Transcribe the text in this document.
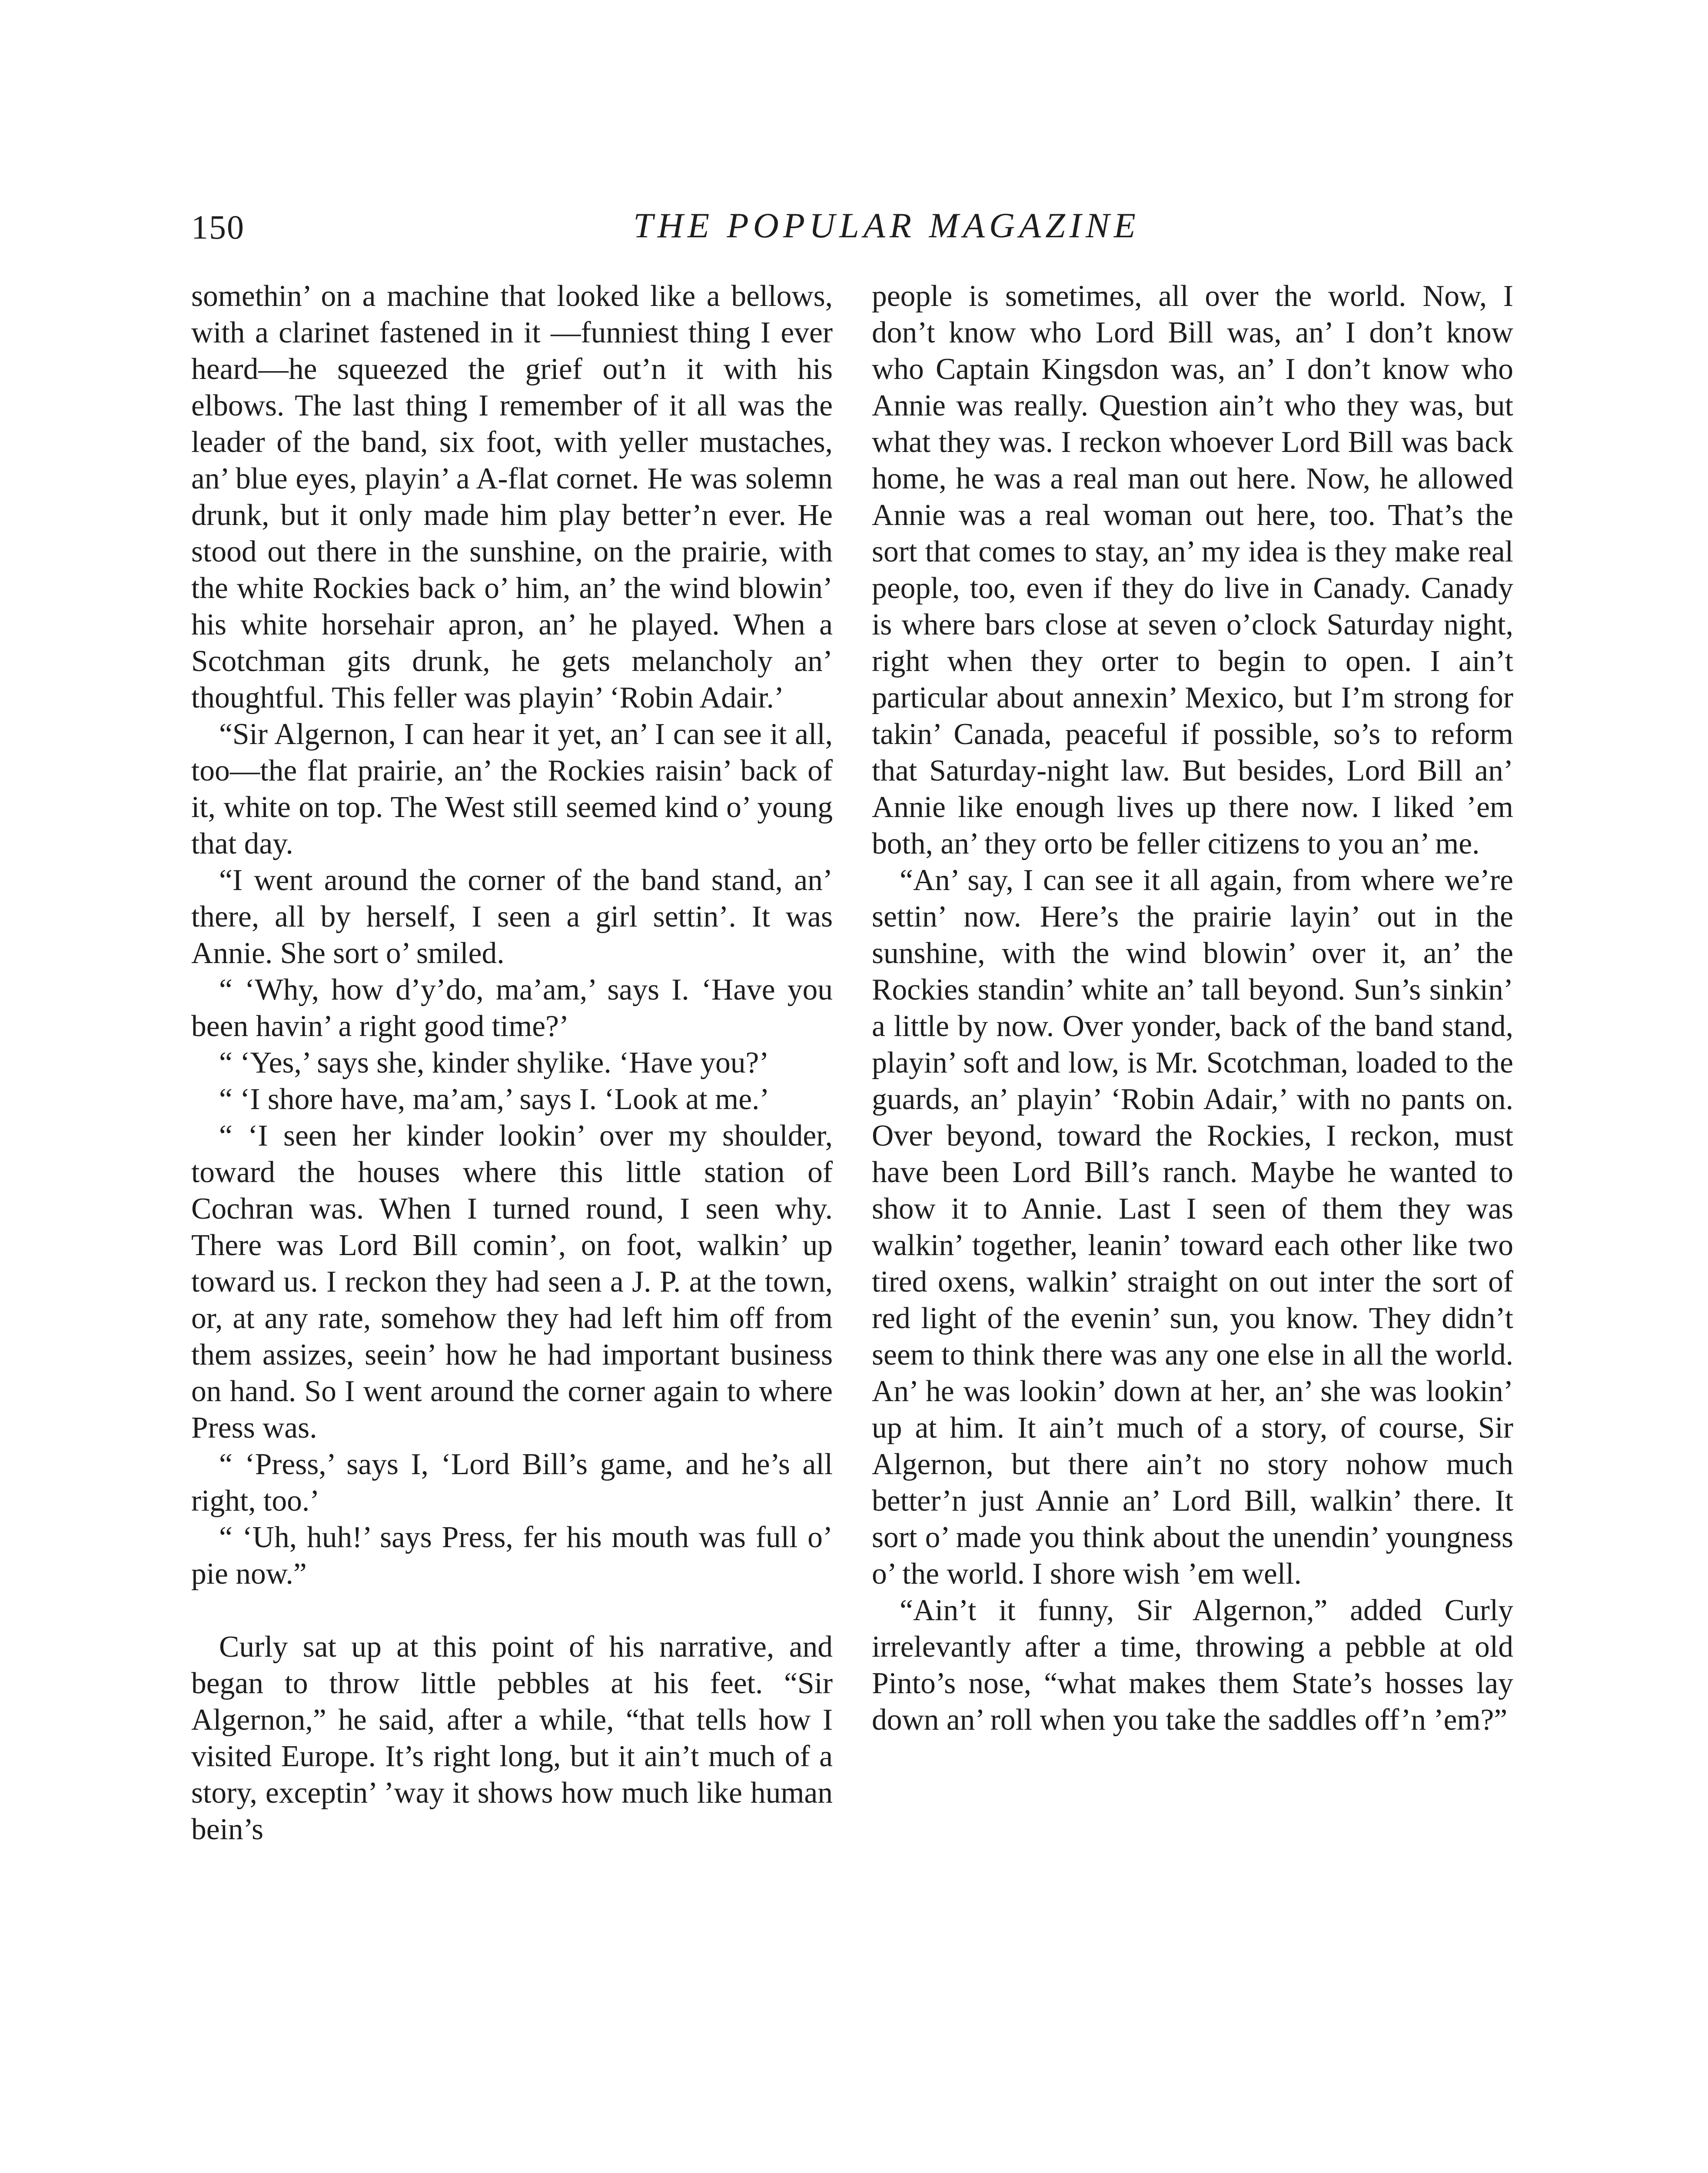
150	THE POPULAR MAGAZINE

somethin’ on a machine that looked like a bellows, with a clarinet fastened in it —funniest thing I ever heard—he squeezed the grief out’n it with his elbows. The last thing I remember of it all was the leader of the band, six foot, with yeller mustaches, an’ blue eyes, playin’ a A-flat cornet. He was solemn drunk, but it only made him play better’n ever. He stood out there in the sunshine, on the prairie, with the white Rockies back o’ him, an’ the wind blowin’ his white horsehair apron, an’ he played. When a Scotchman gits drunk, he gets melancholy an’ thoughtful. This feller was playin’ ‘Robin Adair.’

“Sir Algernon, I can hear it yet, an’ I can see it all, too—the flat prairie, an’ the Rockies raisin’ back of it, white on top. The West still seemed kind o’ young that day.

“I went around the corner of the band stand, an’ there, all by herself, I seen a girl settin’. It was Annie. She sort o’ smiled.

“ ‘Why, how d’y’do, ma’am,’ says I. ‘Have you been havin’ a right good time?’

“ ‘Yes,’ says she, kinder shylike. ‘Have you?’

“ ‘I shore have, ma’am,’ says I. ‘Look at me.’

“ ‘I seen her kinder lookin’ over my shoulder, toward the houses where this little station of Cochran was. When I turned round, I seen why. There was Lord Bill comin’, on foot, walkin’ up toward us. I reckon they had seen a J. P. at the town, or, at any rate, somehow they had left him off from them assizes, seein’ how he had important business on hand. So I went around the corner again to where Press was.

“ ‘Press,’ says I, ‘Lord Bill’s game, and he’s all right, too.’

“ ‘Uh, huh!’ says Press, fer his mouth was full o’ pie now.”

Curly sat up at this point of his narrative, and began to throw little pebbles at his feet. “Sir Algernon,” he said, after a while, “that tells how I visited Europe. It’s right long, but it ain’t much of a story, exceptin’ ’way it shows how much like human bein’s

people is sometimes, all over the world. Now, I don’t know who Lord Bill was, an’ I don’t know who Captain Kingsdon was, an’ I don’t know who Annie was really. Question ain’t who they was, but what they was. I reckon whoever Lord Bill was back home, he was a real man out here. Now, he allowed Annie was a real woman out here, too. That’s the sort that comes to stay, an’ my idea is they make real people, too, even if they do live in Canady. Canady is where bars close at seven o’clock Saturday night, right when they orter to begin to open. I ain’t particular about annexin’ Mexico, but I’m strong for takin’ Canada, peaceful if possible, so’s to reform that Saturday-night law. But besides, Lord Bill an’ Annie like enough lives up there now. I liked ’em both, an’ they orto be feller citizens to you an’ me.

“An’ say, I can see it all again, from where we’re settin’ now. Here’s the prairie layin’ out in the sunshine, with the wind blowin’ over it, an’ the Rockies standin’ white an’ tall beyond. Sun’s sinkin’ a little by now. Over yonder, back of the band stand, playin’ soft and low, is Mr. Scotchman, loaded to the guards, an’ playin’ ‘Robin Adair,’ with no pants on. Over beyond, toward the Rockies, I reckon, must have been Lord Bill’s ranch. Maybe he wanted to show it to Annie. Last I seen of them they was walkin’ together, leanin’ toward each other like two tired oxens, walkin’ straight on out inter the sort of red light of the evenin’ sun, you know. They didn’t seem to think there was any one else in all the world. An’ he was lookin’ down at her, an’ she was lookin’ up at him. It ain’t much of a story, of course, Sir Algernon, but there ain’t no story nohow much better’n just Annie an’ Lord Bill, walkin’ there. It sort o’ made you think about the unendin’ youngness o’ the world. I shore wish ’em well.

“Ain’t it funny, Sir Algernon,” added Curly irrelevantly after a time, throwing a pebble at old Pinto’s nose, “what makes them State’s hosses lay down an’ roll when you take the saddles off’n ’em?”
